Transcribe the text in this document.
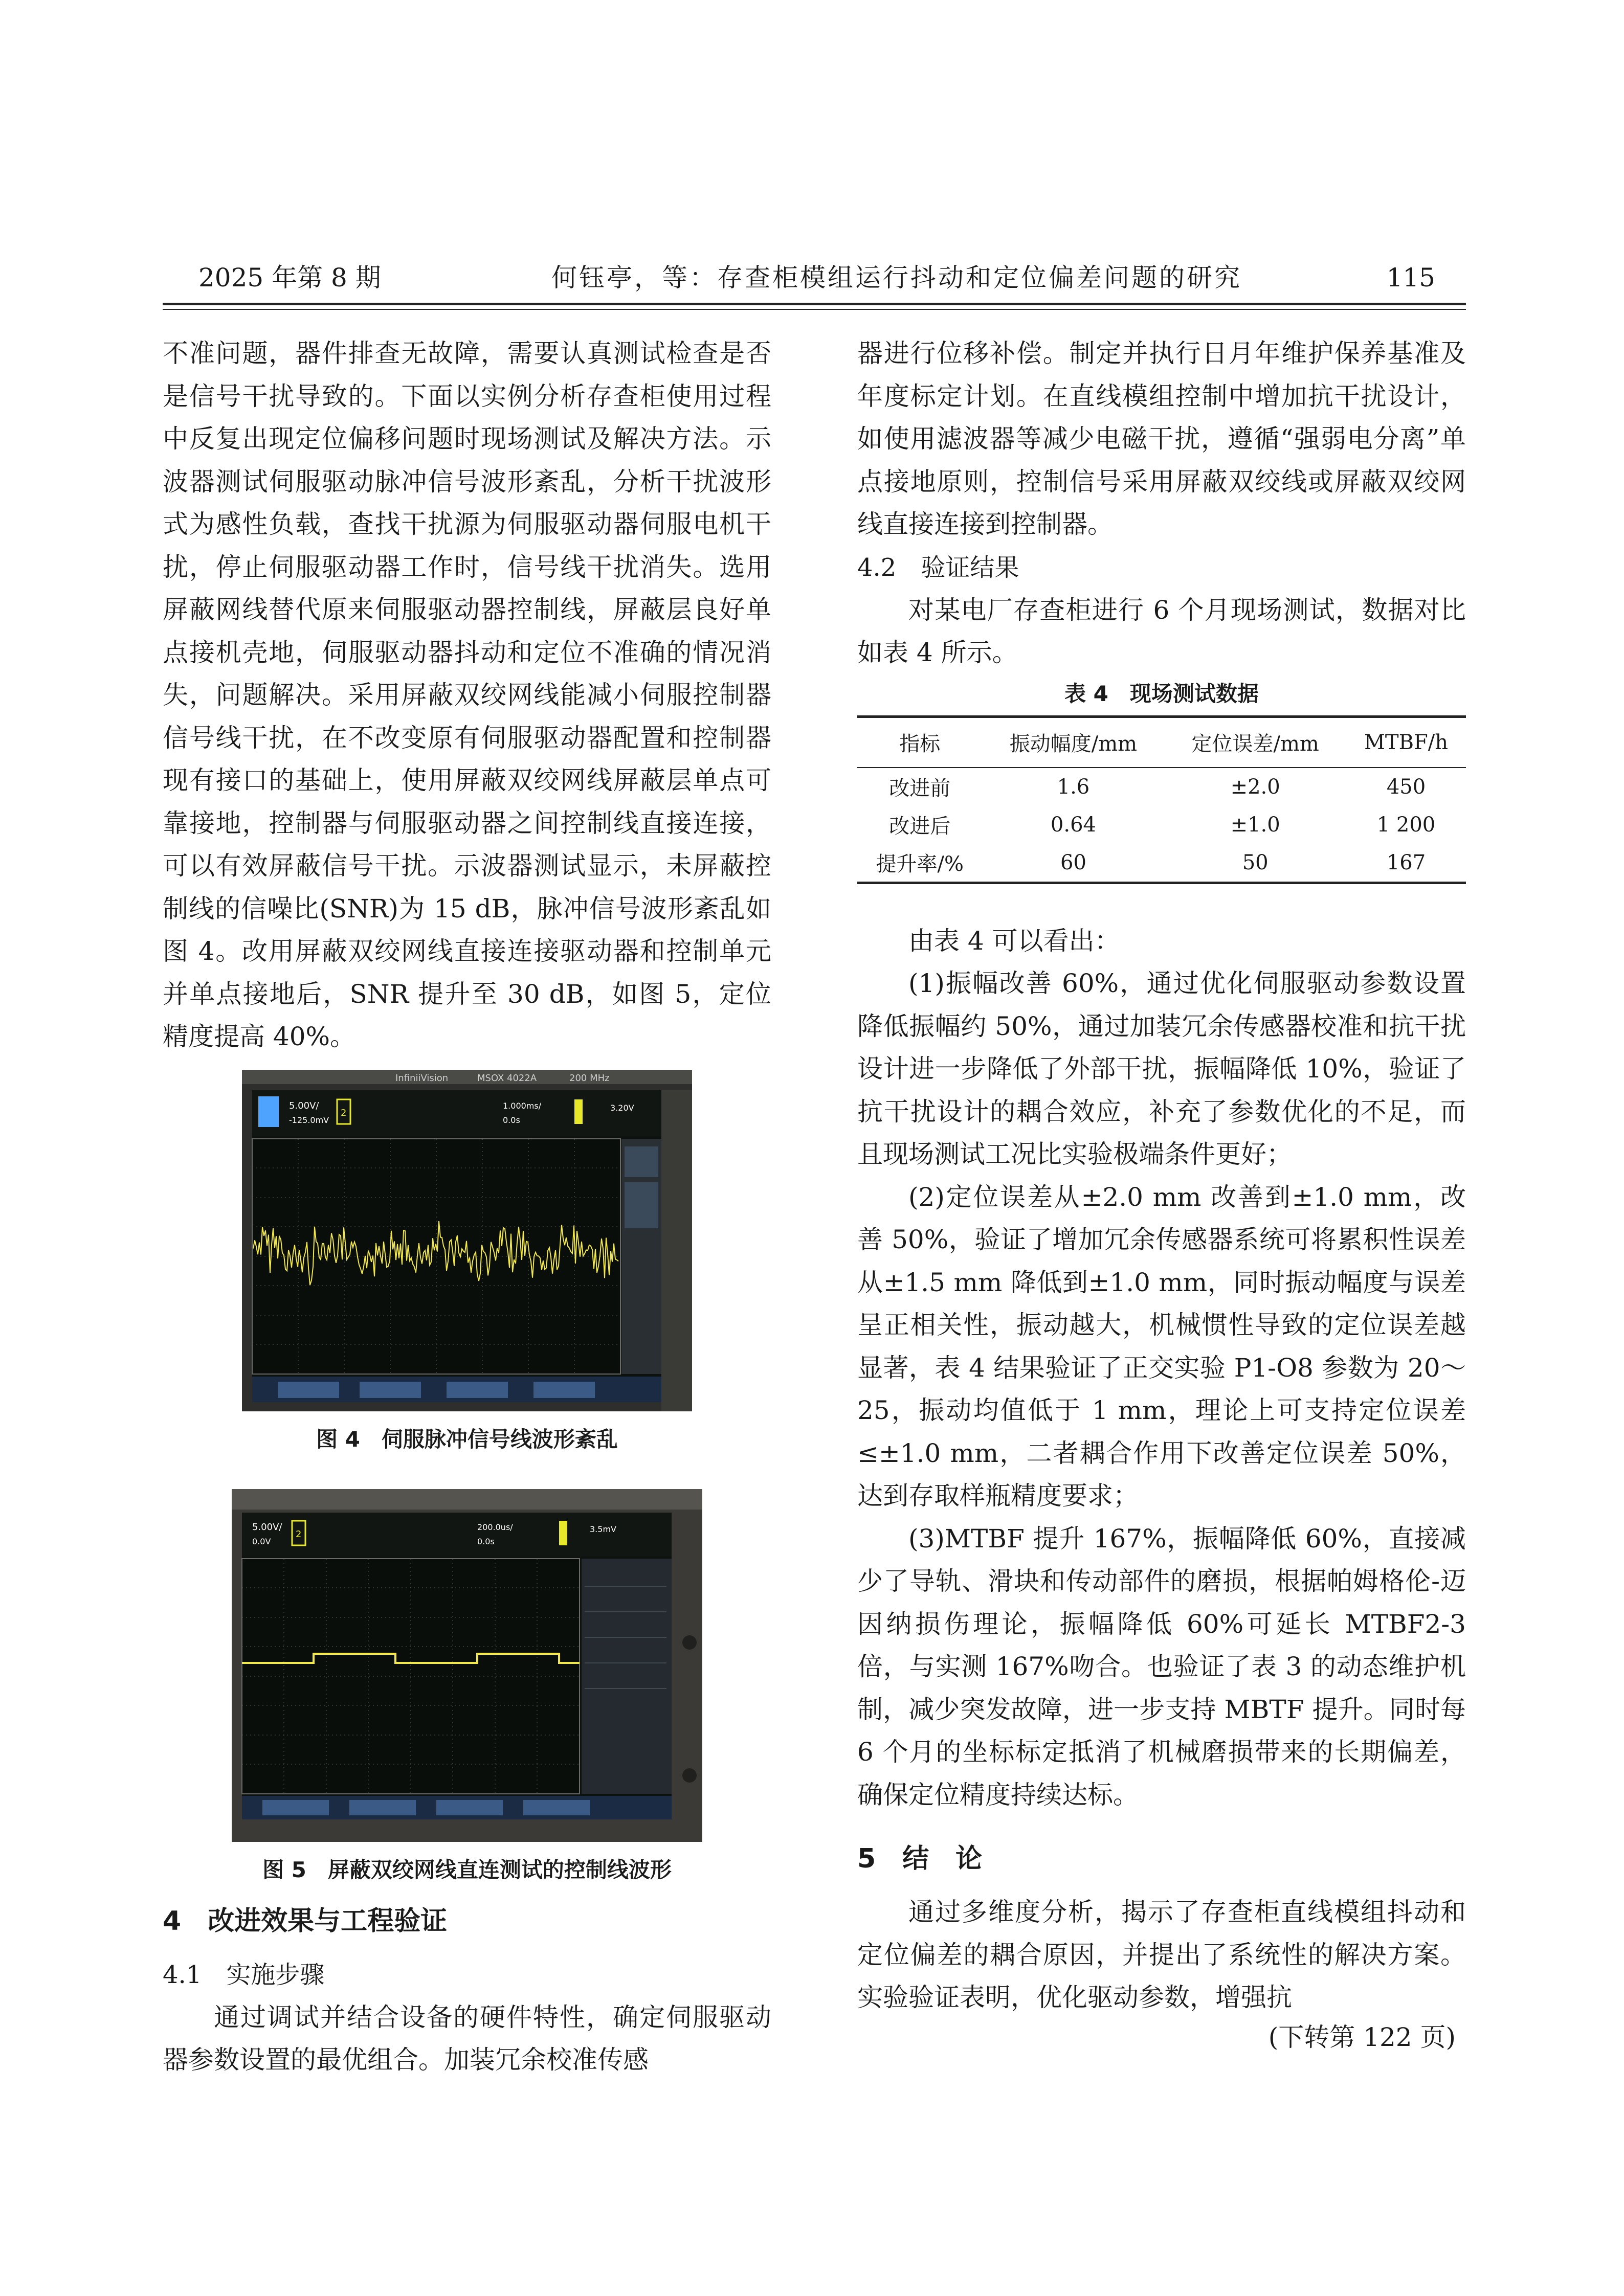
2025 年第 8 期	何钰亭，等：存查柜模组运行抖动和定位偏差问题的研究	115

不准问题，器件排查无故障，需要认真测试检查是否是信号干扰导致的。下面以实例分析存查柜使用过程中反复出现定位偏移问题时现场测试及解决方法。示波器测试伺服驱动脉冲信号波形紊乱，分析干扰波形式为感性负载，查找干扰源为伺服驱动器伺服电机干扰，停止伺服驱动器工作时，信号线干扰消失。选用屏蔽网线替代原来伺服驱动器控制线，屏蔽层良好单点接机壳地，伺服驱动器抖动和定位不准确的情况消失，问题解决。采用屏蔽双绞网线能减小伺服控制器信号线干扰，在不改变原有伺服驱动器配置和控制器现有接口的基础上，使用屏蔽双绞网线屏蔽层单点可靠接地，控制器与伺服驱动器之间控制线直接连接，可以有效屏蔽信号干扰。示波器测试显示，未屏蔽控制线的信噪比(SNR)为 15 dB，脉冲信号波形紊乱如图 4。改用屏蔽双绞网线直接连接驱动器和控制单元并单点接地后，SNR 提升至 30 dB，如图 5，定位精度提高 40%。

InfiniiVision	MSOX 4022A	200 MHz
5.00V/
-125.0mV
2
1.000ms/
0.0s
3.20V
图 4　伺服脉冲信号线波形紊乱
5.00V/
0.0V
2
200.0us/
0.0s
3.5mV
图 5　屏蔽双绞网线直连测试的控制线波形
4　改进效果与工程验证
4.1　实施步骤

通过调试并结合设备的硬件特性，确定伺服驱动器参数设置的最优组合。加装冗余校准传感

器进行位移补偿。制定并执行日月年维护保养基准及年度标定计划。在直线模组控制中增加抗干扰设计，如使用滤波器等减少电磁干扰，遵循“强弱电分离”单点接地原则，控制信号采用屏蔽双绞线或屏蔽双绞网线直接连接到控制器。

4.2　验证结果

对某电厂存查柜进行 6 个月现场测试，数据对比如表 4 所示。

表 4　现场测试数据
指标	振动幅度/mm	定位误差/mm	MTBF/h
改进前	1.6	±2.0	450
改进后	0.64	±1.0	1 200
提升率/%	60	50	167

由表 4 可以看出：

(1)振幅改善 60%，通过优化伺服驱动参数设置降低振幅约 50%，通过加装冗余传感器校准和抗干扰设计进一步降低了外部干扰，振幅降低 10%，验证了抗干扰设计的耦合效应，补充了参数优化的不足，而且现场测试工况比实验极端条件更好；

(2)定位误差从±2.0 mm 改善到±1.0 mm，改善 50%，验证了增加冗余传感器系统可将累积性误差从±1.5 mm 降低到±1.0 mm，同时振动幅度与误差呈正相关性，振动越大，机械惯性导致的定位误差越显著，表 4 结果验证了正交实验 P1-O8 参数为 20～25，振动均值低于 1 mm，理论上可支持定位误差≤±1.0 mm，二者耦合作用下改善定位误差 50%，达到存取样瓶精度要求；

(3)MTBF 提升 167%，振幅降低 60%，直接减少了导轨、滑块和传动部件的磨损，根据帕姆格伦-迈因纳损伤理论，振幅降低 60%可延长 MTBF2-3 倍，与实测 167%吻合。也验证了表 3 的动态维护机制，减少突发故障，进一步支持 MBTF 提升。同时每 6 个月的坐标标定抵消了机械磨损带来的长期偏差，确保定位精度持续达标。

5　结　论

通过多维度分析，揭示了存查柜直线模组抖动和定位偏差的耦合原因，并提出了系统性的解决方案。实验验证表明，优化驱动参数，增强抗

(下转第 122 页)
